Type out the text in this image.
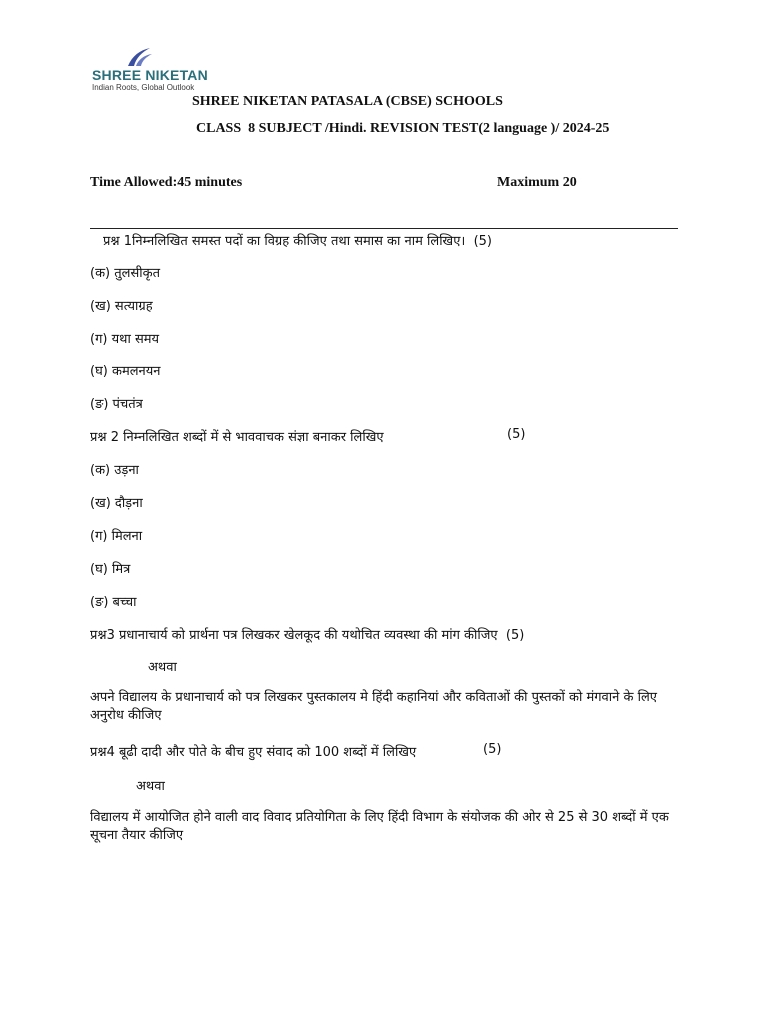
SHREE NIKETAN
Indian Roots, Global Outlook
SHREE NIKETAN PATASALA (CBSE) SCHOOLS
CLASS  8 SUBJECT /Hindi. REVISION TEST(2 language )/ 2024-25
Time Allowed:45 minutes	Maximum 20
प्रश्न 1निम्नलिखित समस्त पदों का विग्रह कीजिए तथा समास का नाम लिखिए। (5)
(क) तुलसीकृत
(ख) सत्याग्रह
(ग) यथा समय
(घ) कमलनयन
(ङ) पंचतंत्र
प्रश्न 2 निम्नलिखित शब्दों में से भाववाचक संज्ञा बनाकर लिखिए	(5)
(क) उड़ना
(ख) दौड़ना
(ग) मिलना
(घ) मित्र
(ङ) बच्चा
प्रश्न3 प्रधानाचार्य को प्रार्थना पत्र लिखकर खेलकूद की यथोचित व्यवस्था की मांग कीजिए (5)
अथवा
अपने विद्यालय के प्रधानाचार्य को पत्र लिखकर पुस्तकालय मे हिंदी कहानियां और कविताओं की पुस्तकों को मंगवाने के लिए अनुरोध कीजिए
प्रश्न4 बूढी दादी और पोते के बीच हुए संवाद को 100 शब्दों में लिखिए	(5)
अथवा
विद्यालय में आयोजित होने वाली वाद विवाद प्रतियोगिता के लिए हिंदी विभाग के संयोजक की ओर से 25 से 30 शब्दों में एक सूचना तैयार कीजिए
